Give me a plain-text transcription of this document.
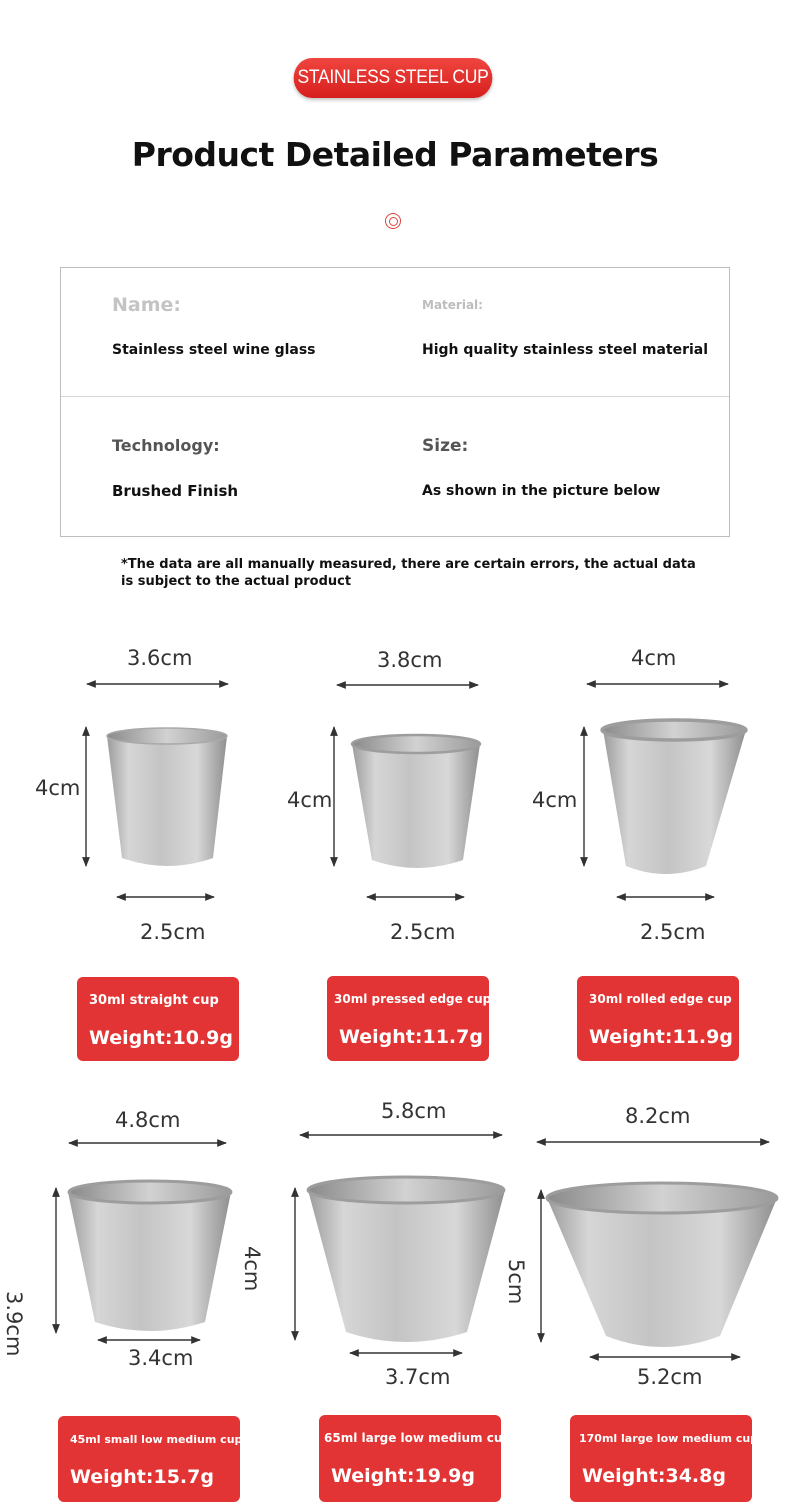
STAINLESS STEEL CUP
Product Detailed Parameters
Name:	Material:
Stainless steel wine glass	High quality stainless steel material
Technology:	Size:
Brushed Finish	As shown in the picture below
*The data are all manually measured, there are certain errors, the actual data is subject to the actual product
3.6cm
4cm
2.5cm
3.8cm
4cm
2.5cm
4cm
4cm
2.5cm
4.8cm
3.9cm
3.4cm
5.8cm
4cm
3.7cm
8.2cm
5cm
5.2cm
30ml straight cup
Weight:10.9g
30ml pressed edge cup
Weight:11.7g
30ml rolled edge cup
Weight:11.9g
45ml small low medium cup
Weight:15.7g
65ml large low medium cup
Weight:19.9g
170ml large low medium cup
Weight:34.8g
